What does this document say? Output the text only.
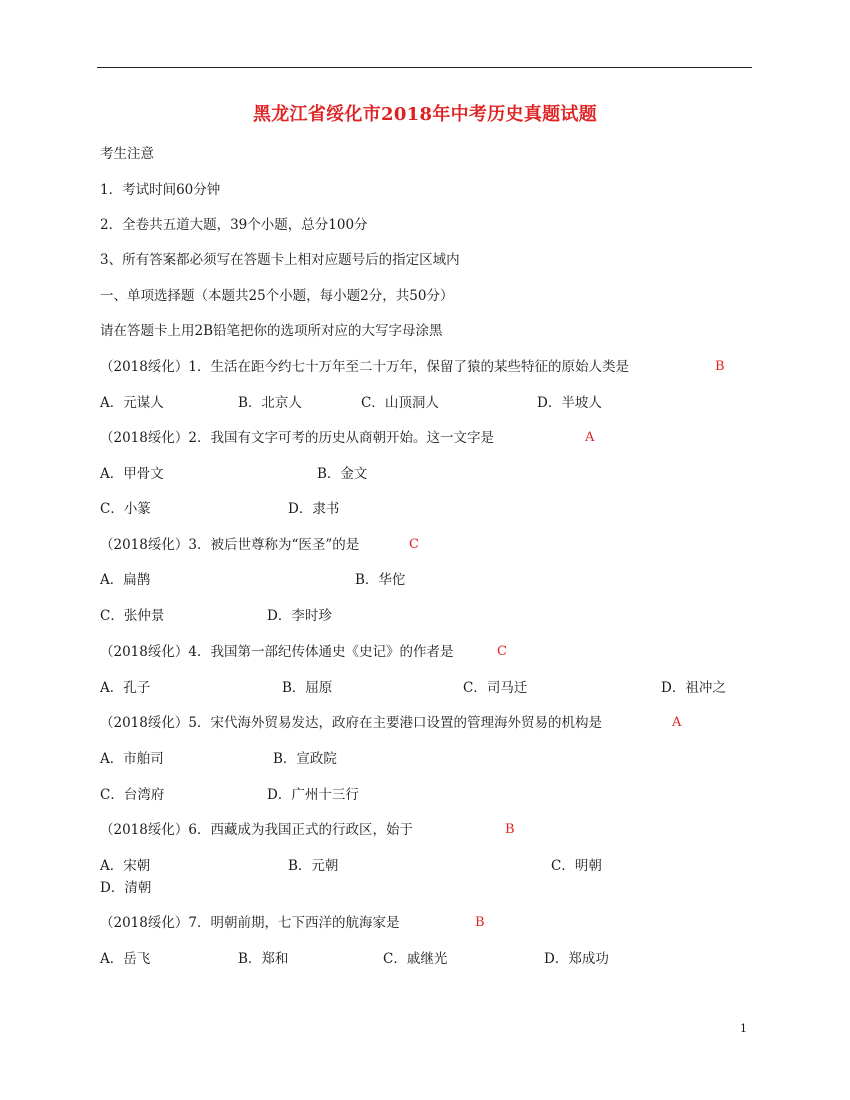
黑龙江省绥化市2018年中考历史真题试题
考生注意
1．考试时间60分钟
2．全卷共五道大题，39个小题，总分100分
3、所有答案都必须写在答题卡上相对应题号后的指定区域内
一、单项选择题（本题共25个小题，每小题2分，共50分）
请在答题卡上用2B铅笔把你的选项所对应的大写字母涂黑
（2018绥化）1．生活在距今约七十万年至二十万年，保留了猿的某些特征的原始人类是	B
A．元谋人	B．北京人	C．山顶洞人	D．半坡人
（2018绥化）2．我国有文字可考的历史从商朝开始。这一文字是	A
A．甲骨文	B．金文
C．小篆	D．隶书
（2018绥化）3．被后世尊称为“医圣”的是	C
A．扁鹊	B．华佗
C．张仲景	D．李时珍
（2018绥化）4．我国第一部纪传体通史《史记》的作者是	C
A．孔子	B．屈原	C．司马迁	D．祖冲之
（2018绥化）5．宋代海外贸易发达，政府在主要港口设置的管理海外贸易的机构是	A
A．市舶司	B．宣政院
C．台湾府	D．广州十三行
（2018绥化）6．西藏成为我国正式的行政区，始于	B
A．宋朝	B．元朝	C．明朝
D．清朝
（2018绥化）7．明朝前期，七下西洋的航海家是	B
A．岳飞	B．郑和	C．戚继光	D．郑成功
1
